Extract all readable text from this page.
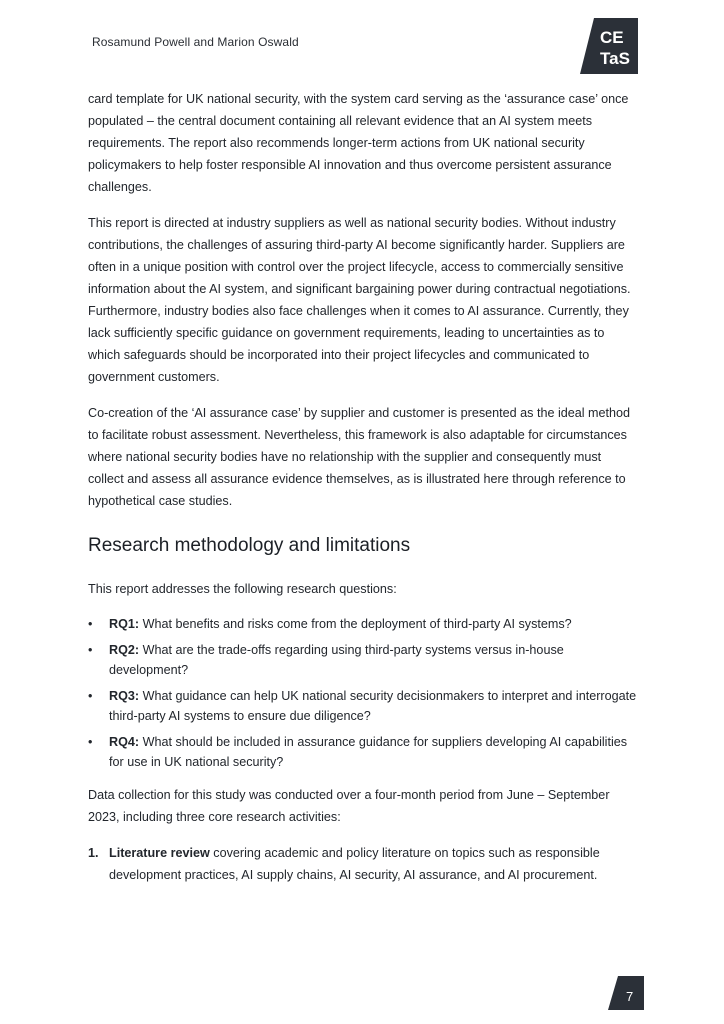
Rosamund Powell and Marion Oswald	CE
TaS

card template for UK national security, with the system card serving as the ‘assurance case’ once populated – the central document containing all relevant evidence that an AI system meets requirements. The report also recommends longer-term actions from UK national security policymakers to help foster responsible AI innovation and thus overcome persistent assurance challenges.

This report is directed at industry suppliers as well as national security bodies. Without industry contributions, the challenges of assuring third-party AI become significantly harder. Suppliers are often in a unique position with control over the project lifecycle, access to commercially sensitive information about the AI system, and significant bargaining power during contractual negotiations. Furthermore, industry bodies also face challenges when it comes to AI assurance. Currently, they lack sufficiently specific guidance on government requirements, leading to uncertainties as to which safeguards should be incorporated into their project lifecycles and communicated to government customers.

Co-creation of the ‘AI assurance case’ by supplier and customer is presented as the ideal method to facilitate robust assessment. Nevertheless, this framework is also adaptable for circumstances where national security bodies have no relationship with the supplier and consequently must collect and assess all assurance evidence themselves, as is illustrated here through reference to hypothetical case studies.

Research methodology and limitations

This report addresses the following research questions:

• RQ1: What benefits and risks come from the deployment of third-party AI systems?
• RQ2: What are the trade-offs regarding using third-party systems versus in-house development?
• RQ3: What guidance can help UK national security decisionmakers to interpret and interrogate third-party AI systems to ensure due diligence?
• RQ4: What should be included in assurance guidance for suppliers developing AI capabilities for use in UK national security?

Data collection for this study was conducted over a four-month period from June – September 2023, including three core research activities:

1. Literature review covering academic and policy literature on topics such as responsible development practices, AI supply chains, AI security, AI assurance, and AI procurement.
7
